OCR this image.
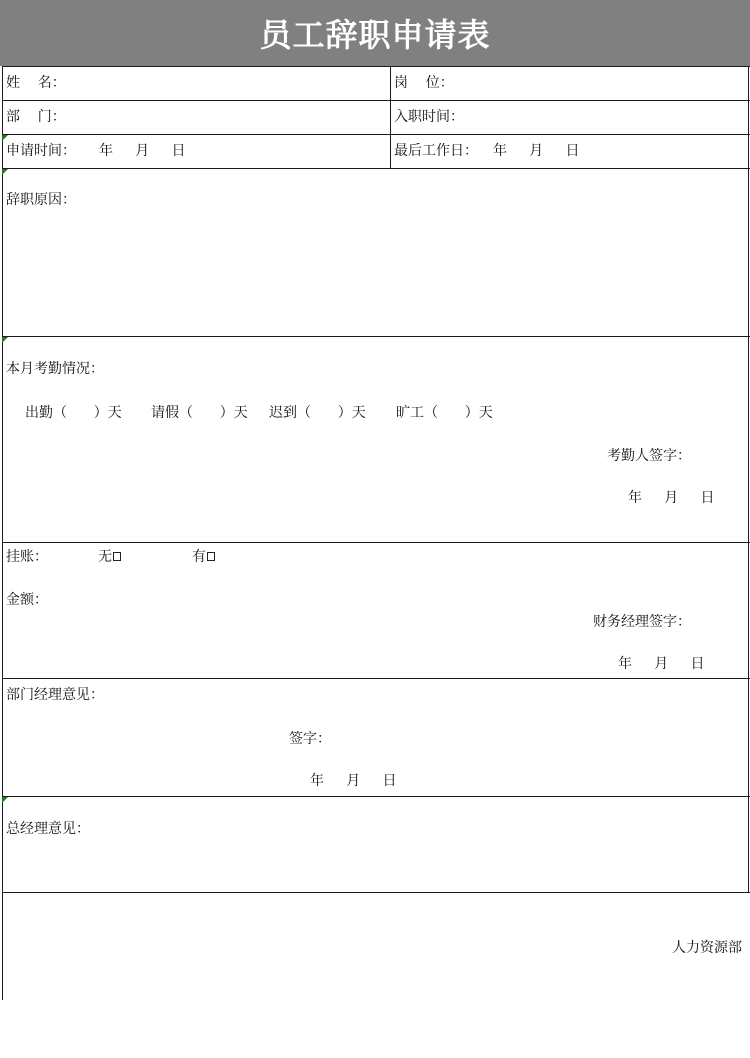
员工辞职申请表
姓    名：	岗    位：
部    门：	入职时间：
申请时间： 年     月     日	最后工作日： 年     月     日
辞职原因：
本月考勤情况：
出勤（      ）天 请假（      ）天 迟到（      ）天 旷工（      ）天
考勤人签字：
年     月     日
挂账：	无	有
金额：
财务经理签字：
年     月     日
部门经理意见：
签字：
年     月     日
总经理意见：
人力资源部
